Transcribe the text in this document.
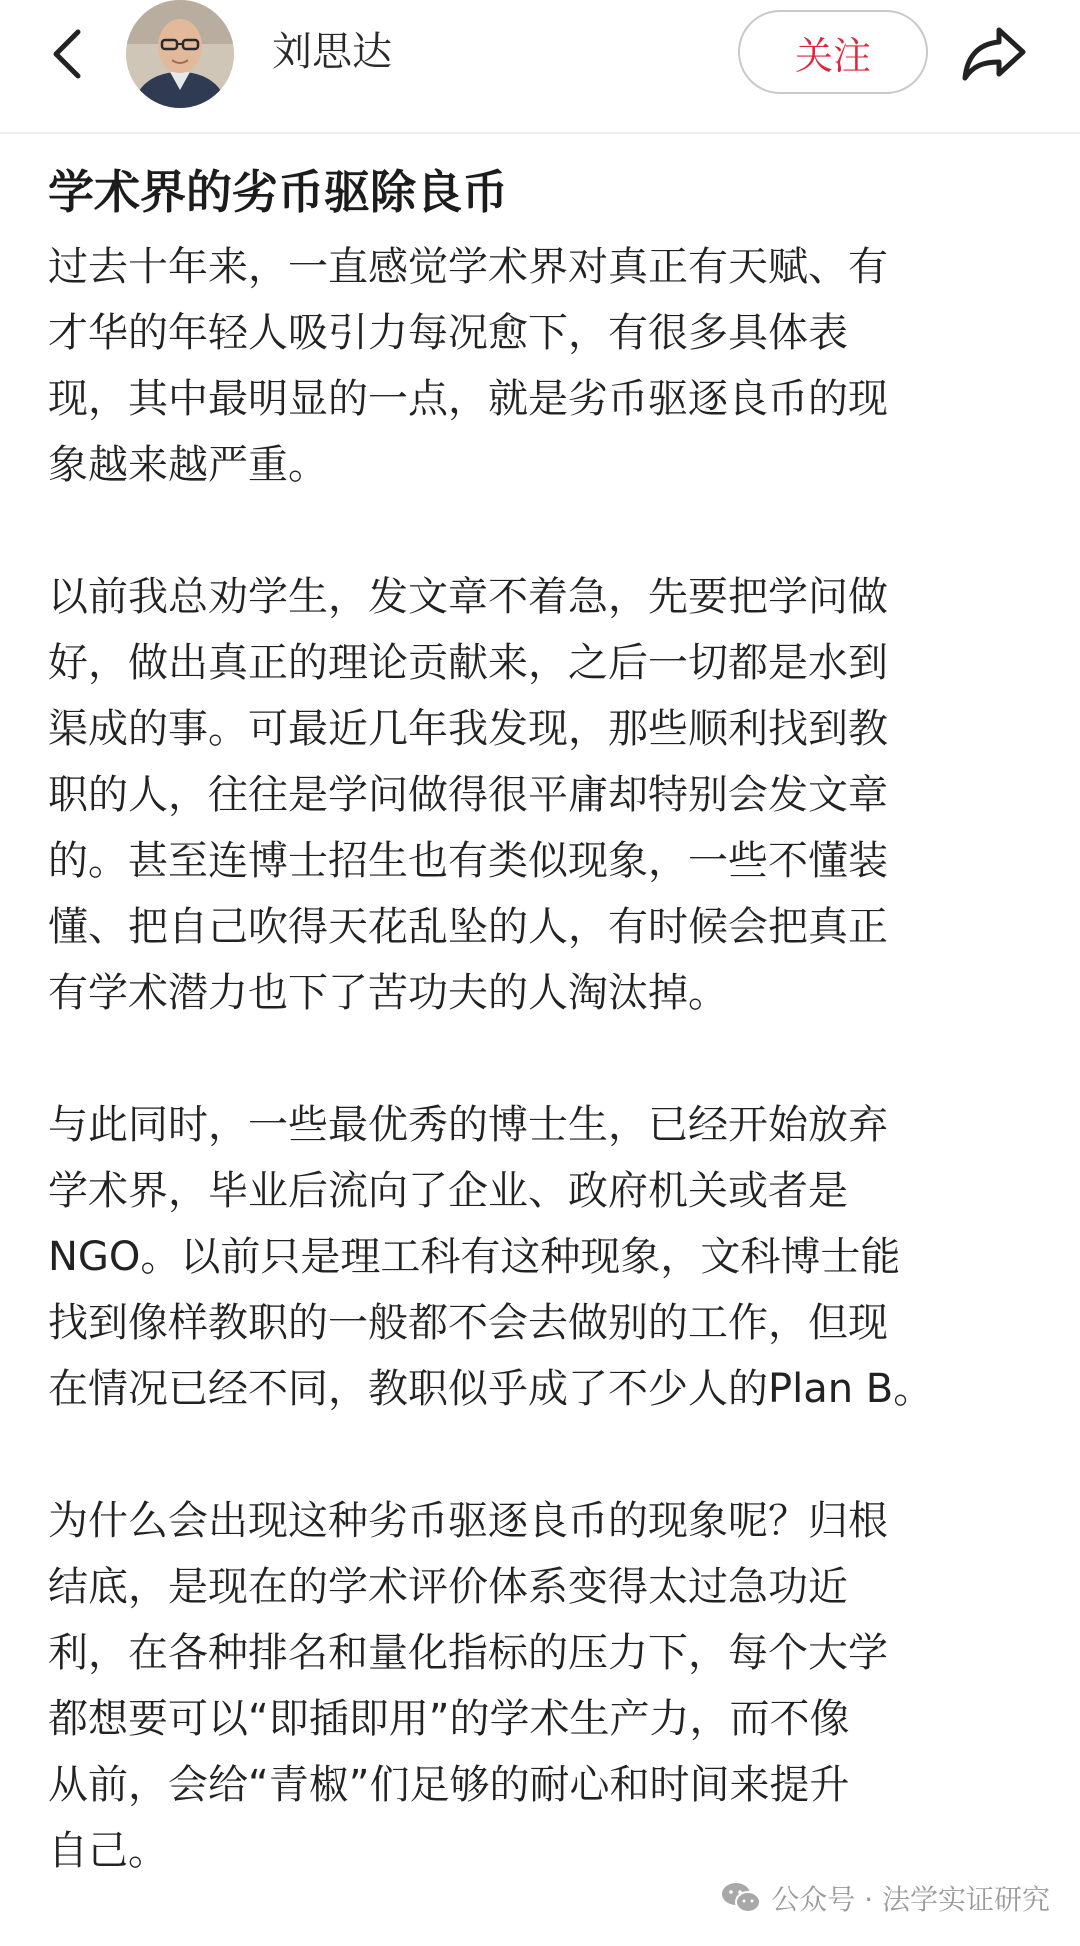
刘思达	关注
学术界的劣币驱除良币

过去十年来，一直感觉学术界对真正有天赋、有
才华的年轻人吸引力每况愈下，有很多具体表
现，其中最明显的一点，就是劣币驱逐良币的现
象越来越严重。

以前我总劝学生，发文章不着急，先要把学问做
好，做出真正的理论贡献来，之后一切都是水到
渠成的事。可最近几年我发现，那些顺利找到教
职的人，往往是学问做得很平庸却特别会发文章
的。甚至连博士招生也有类似现象，一些不懂装
懂、把自己吹得天花乱坠的人，有时候会把真正
有学术潜力也下了苦功夫的人淘汰掉。

与此同时，一些最优秀的博士生，已经开始放弃
学术界，毕业后流向了企业、政府机关或者是
NGO。以前只是理工科有这种现象，文科博士能
找到像样教职的一般都不会去做别的工作，但现
在情况已经不同，教职似乎成了不少人的Plan B。

为什么会出现这种劣币驱逐良币的现象呢？归根
结底，是现在的学术评价体系变得太过急功近
利，在各种排名和量化指标的压力下，每个大学
都想要可以“即插即用”的学术生产力，而不像
从前，会给“青椒”们足够的耐心和时间来提升
自己。

公众号 · 法学实证研究
